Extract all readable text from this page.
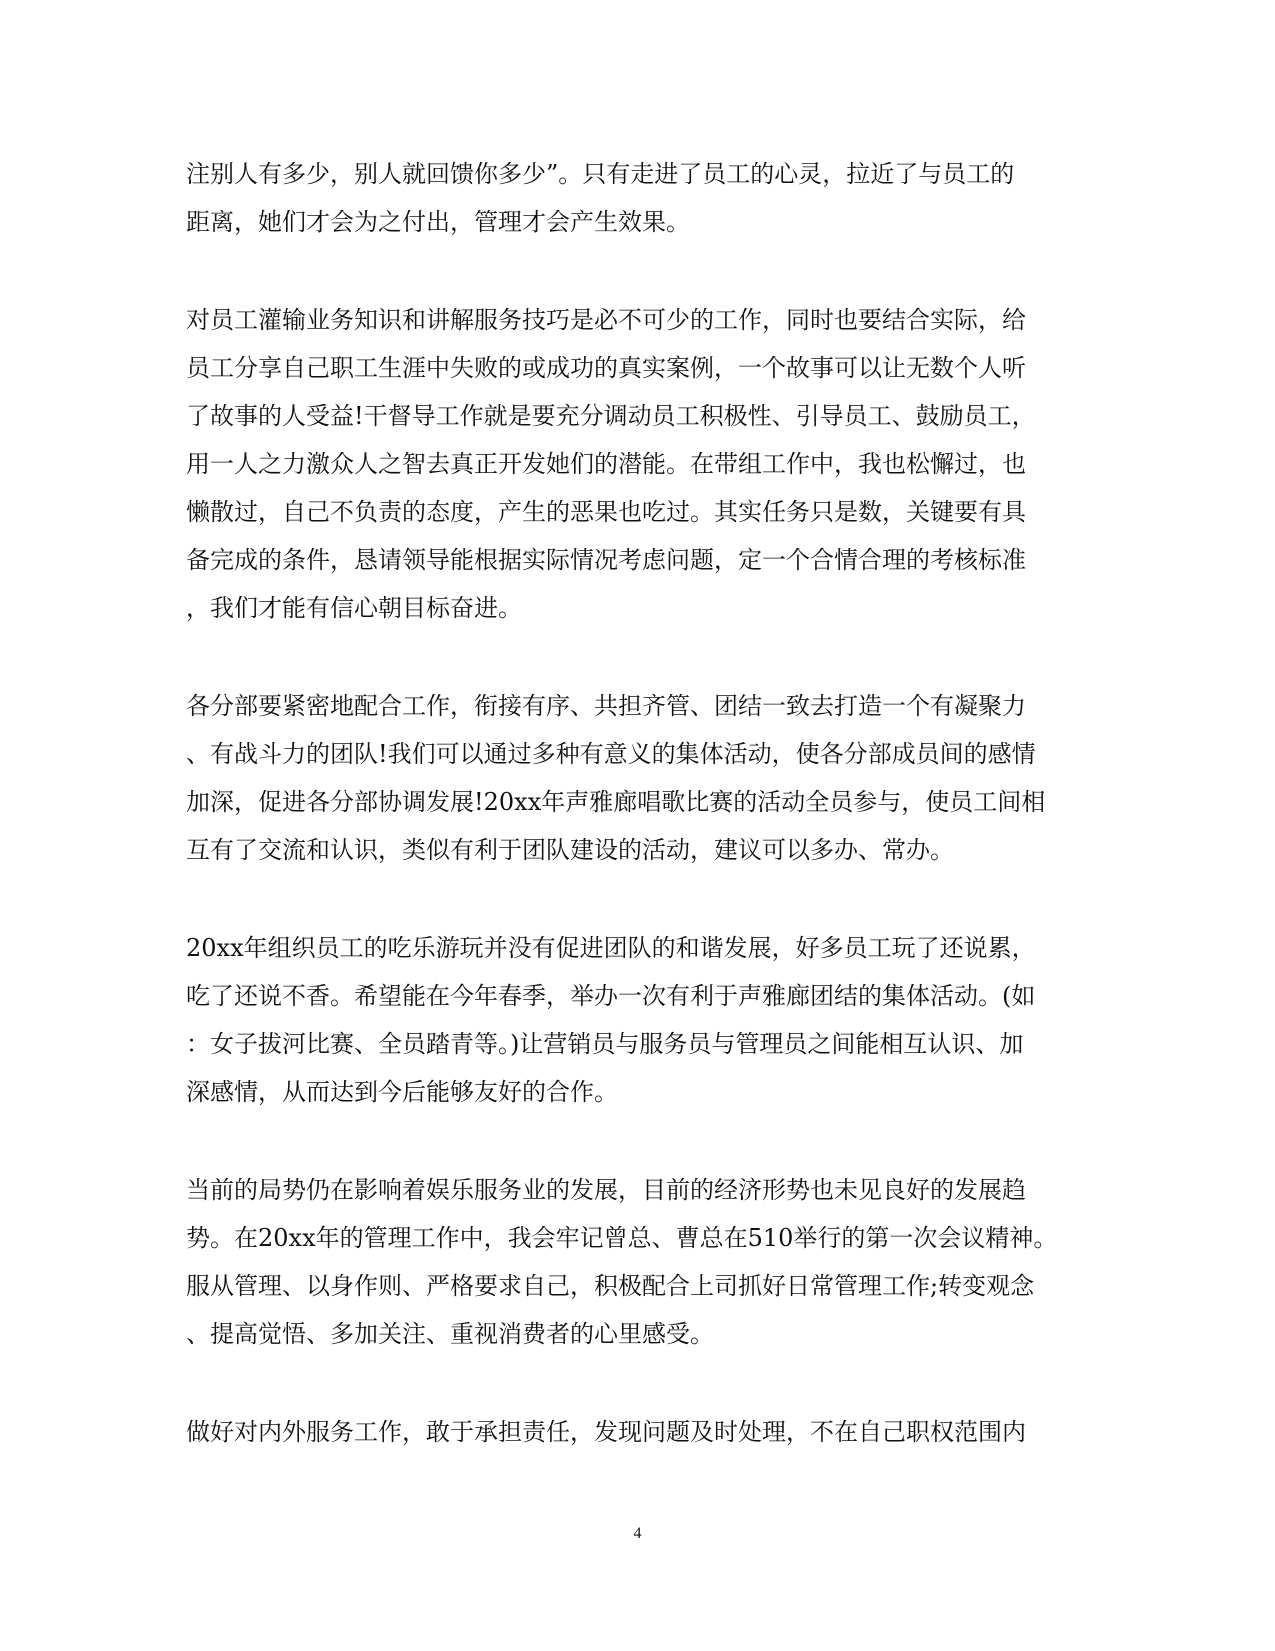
注别人有多少，别人就回馈你多少”。只有走进了员工的心灵，拉近了与员工的
距离，她们才会为之付出，管理才会产生效果。
对员工灌输业务知识和讲解服务技巧是必不可少的工作，同时也要结合实际，给
员工分享自己职工生涯中失败的或成功的真实案例，一个故事可以让无数个人听
了故事的人受益!干督导工作就是要充分调动员工积极性、引导员工、鼓励员工，
用一人之力激众人之智去真正开发她们的潜能。在带组工作中，我也松懈过，也
懒散过，自己不负责的态度，产生的恶果也吃过。其实任务只是数，关键要有具
备完成的条件，恳请领导能根据实际情况考虑问题，定一个合情合理的考核标准
，我们才能有信心朝目标奋进。
各分部要紧密地配合工作，衔接有序、共担齐管、团结一致去打造一个有凝聚力
、有战斗力的团队!我们可以通过多种有意义的集体活动，使各分部成员间的感情
加深，促进各分部协调发展!20xx年声雅廊唱歌比赛的活动全员参与，使员工间相
互有了交流和认识，类似有利于团队建设的活动，建议可以多办、常办。
20xx年组织员工的吃乐游玩并没有促进团队的和谐发展，好多员工玩了还说累，
吃了还说不香。希望能在今年春季，举办一次有利于声雅廊团结的集体活动。(如
：女子拔河比赛、全员踏青等。)让营销员与服务员与管理员之间能相互认识、加
深感情，从而达到今后能够友好的合作。
当前的局势仍在影响着娱乐服务业的发展，目前的经济形势也未见良好的发展趋
势。在20xx年的管理工作中，我会牢记曾总、曹总在510举行的第一次会议精神。
服从管理、以身作则、严格要求自己，积极配合上司抓好日常管理工作;转变观念
、提高觉悟、多加关注、重视消费者的心里感受。
做好对内外服务工作，敢于承担责任，发现问题及时处理，不在自己职权范围内
4
